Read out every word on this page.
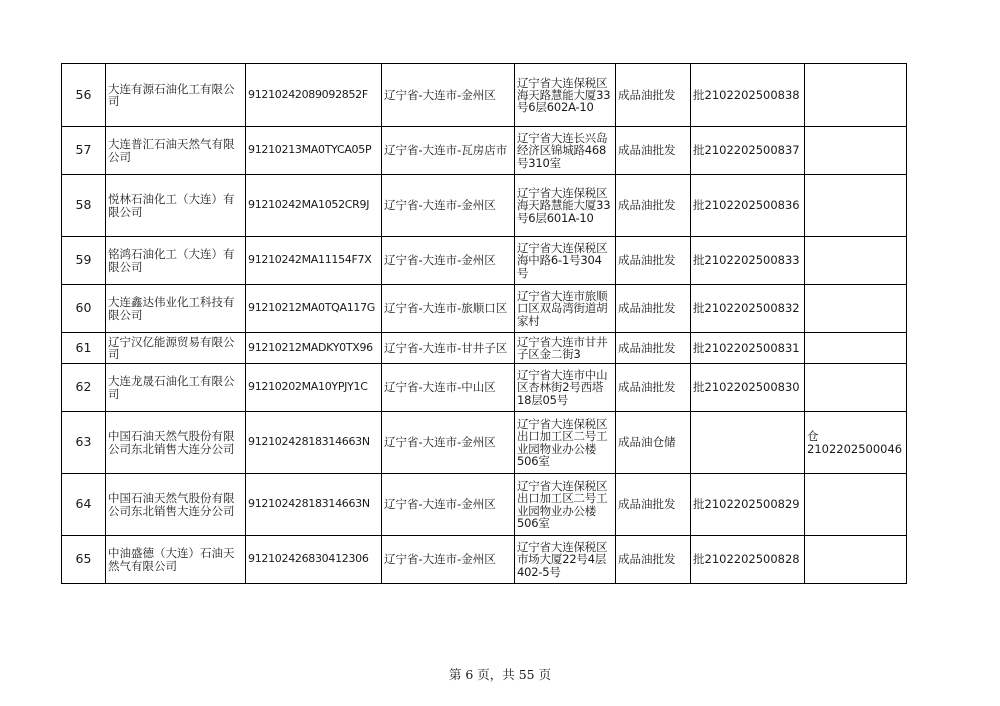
56	大连有源石油化工有限公司	91210242089092852F	辽宁省-大连市-金州区	辽宁省大连保税区海天路慧能大厦33号6层602A-10	成品油批发	批2102202500838	
57	大连普汇石油天然气有限公司	91210213MA0TYCA05P	辽宁省-大连市-瓦房店市	辽宁省大连长兴岛经济区锦城路468号310室	成品油批发	批2102202500837	
58	悦林石油化工（大连）有限公司	91210242MA1052CR9J	辽宁省-大连市-金州区	辽宁省大连保税区海天路慧能大厦33号6层601A-10	成品油批发	批2102202500836	
59	铭鸿石油化工（大连）有限公司	91210242MA11154F7X	辽宁省-大连市-金州区	辽宁省大连保税区海中路6-1号304号	成品油批发	批2102202500833	
60	大连鑫达伟业化工科技有限公司	91210212MA0TQA117G	辽宁省-大连市-旅顺口区	辽宁省大连市旅顺口区双岛湾街道胡家村	成品油批发	批2102202500832	
61	辽宁汉亿能源贸易有限公司	91210212MADKY0TX96	辽宁省-大连市-甘井子区	辽宁省大连市甘井子区金二街3	成品油批发	批2102202500831	
62	大连龙晟石油化工有限公司	91210202MA10YPJY1C	辽宁省-大连市-中山区	辽宁省大连市中山区杏林街2号西塔18层05号	成品油批发	批2102202500830	
63	中国石油天然气股份有限公司东北销售大连分公司	91210242818314663N	辽宁省-大连市-金州区	辽宁省大连保税区出口加工区二号工业园物业办公楼506室	成品油仓储		仓2102202500046
64	中国石油天然气股份有限公司东北销售大连分公司	91210242818314663N	辽宁省-大连市-金州区	辽宁省大连保税区出口加工区二号工业园物业办公楼506室	成品油批发	批2102202500829	
65	中油盛德（大连）石油天然气有限公司	912102426830412306	辽宁省-大连市-金州区	辽宁省大连保税区市场大厦22号4层402-5号	成品油批发	批2102202500828	
第 6 页，共 55 页
